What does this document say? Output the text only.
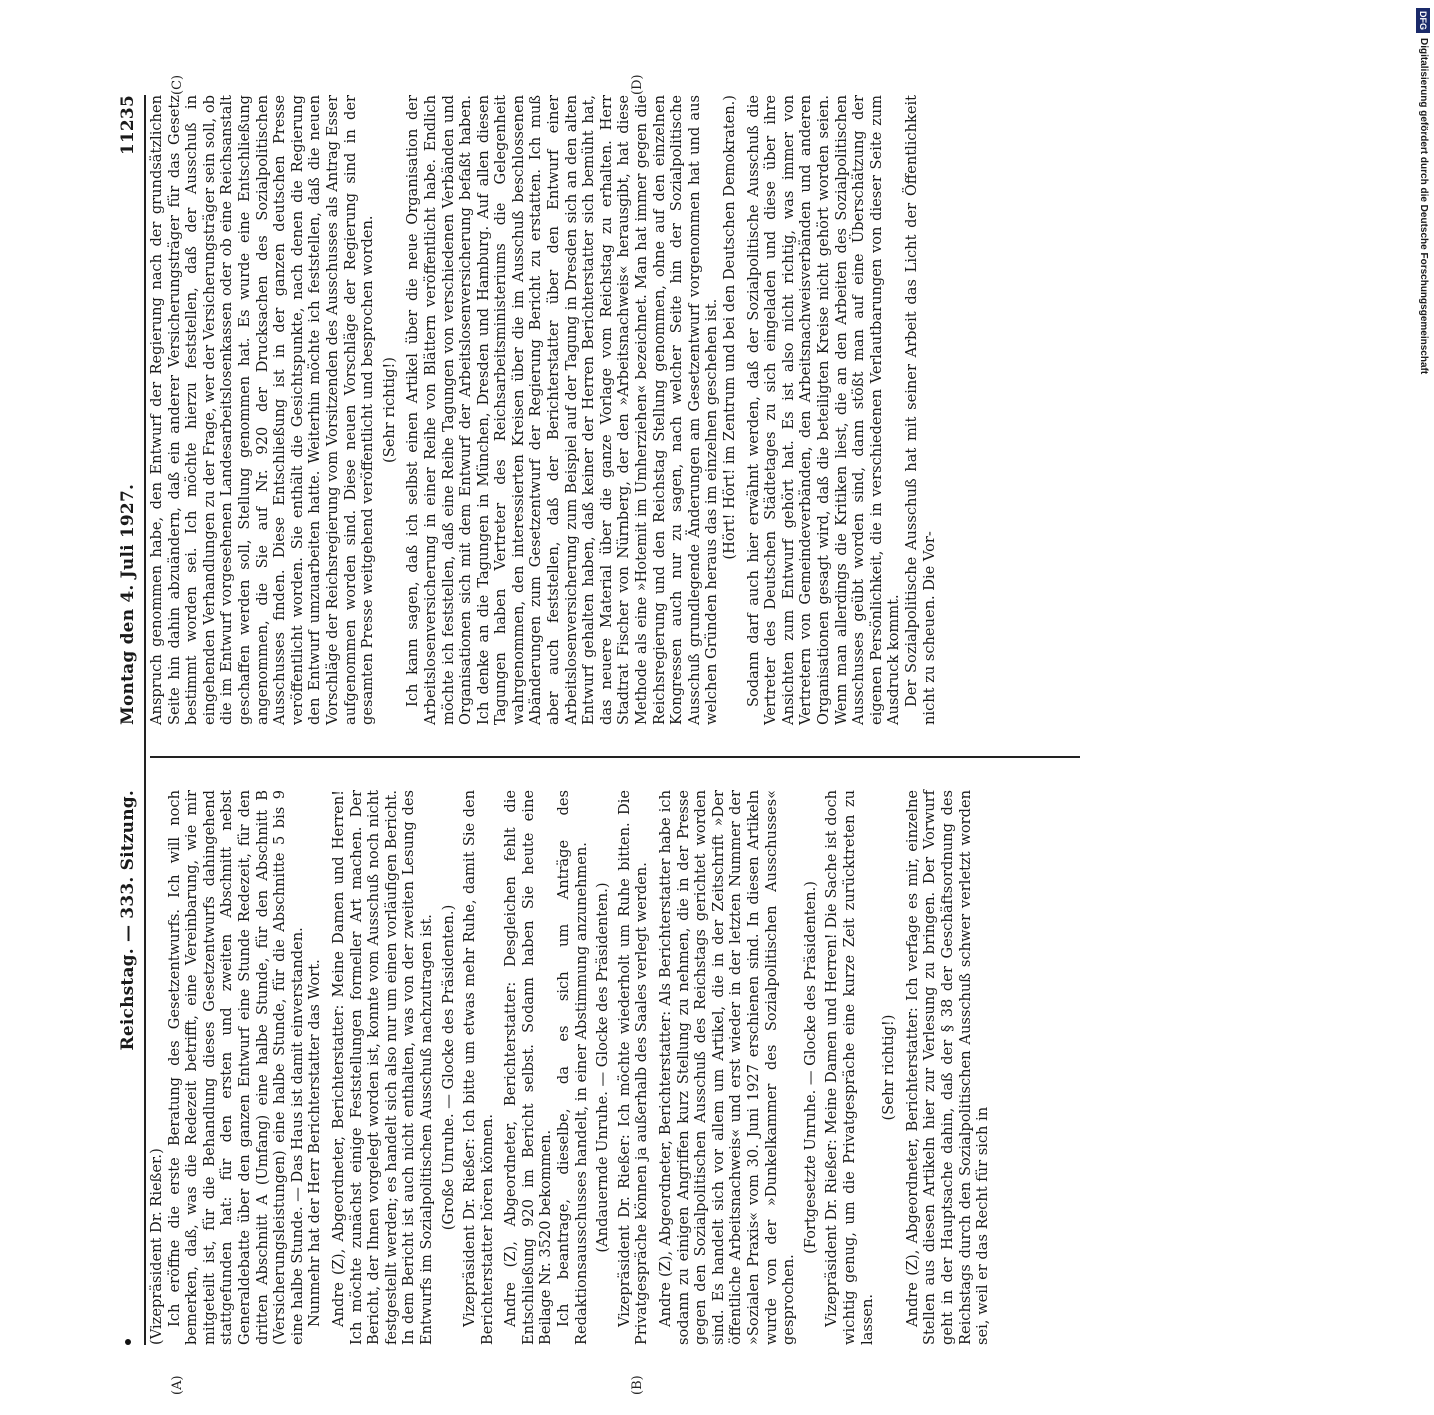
Reichstag. — 333. Sitzung.
Montag den 4. Juli 1927.
11235
(A)	(B)
(C)	(D)

(Vizepräsident Dr. Rießer.) Ich eröffne die erste Beratung des Gesetzentwurfs. Ich will noch bemerken, daß, was die Redezeit betrifft, eine Vereinbarung, wie mir mitgeteilt ist, für die Behandlung dieses Gesetzentwurfs dahingehend stattgefunden hat: für den ersten und zweiten Abschnitt nebst Generaldebatte über den ganzen Entwurf eine Stunde Redezeit, für den dritten Abschnitt A (Umfang) eine halbe Stunde, für den Abschnitt B (Versicherungsleistungen) eine halbe Stunde, für die Abschnitte 5 bis 9 eine halbe Stunde. — Das Haus ist damit einverstanden. Nunmehr hat der Herr Berichterstatter das Wort. Andre (Z), Abgeordneter, Berichterstatter: Meine Damen und Herren! Ich möchte zunächst einige Feststellungen formeller Art machen. Der Bericht, der Ihnen vorgelegt worden ist, konnte vom Ausschuß noch nicht festgestellt werden; es handelt sich also nur um einen vorläufigen Bericht. In dem Bericht ist auch nicht enthalten, was von der zweiten Lesung des Entwurfs im Sozialpolitischen Ausschuß nachzutragen ist. (Große Unruhe. — Glocke des Präsidenten.) Vizepräsident Dr. Rießer: Ich bitte um etwas mehr Ruhe, damit Sie den Berichterstatter hören können. Andre (Z), Abgeordneter, Berichterstatter: Desgleichen fehlt die Entschließung 920 im Bericht selbst. Sodann haben Sie heute eine Beilage Nr. 3520 bekommen. Ich beantrage, dieselbe, da es sich um Anträge des Redaktionsausschusses handelt, in einer Abstimmung anzunehmen. (Andauernde Unruhe. — Glocke des Präsidenten.) Vizepräsident Dr. Rießer: Ich möchte wiederholt um Ruhe bitten. Die Privatgespräche können ja außerhalb des Saales verlegt werden. Andre (Z), Abgeordneter, Berichterstatter: Als Berichterstatter habe ich sodann zu einigen Angriffen kurz Stellung zu nehmen, die in der Presse gegen den Sozialpolitischen Ausschuß des Reichstags gerichtet worden sind. Es handelt sich vor allem um Artikel, die in der Zeitschrift »Der öffentliche Arbeitsnachweis« und erst wieder in der letzten Nummer der »Sozialen Praxis« vom 30. Juni 1927 erschienen sind. In diesen Artikeln wurde von der »Dunkelkammer des Sozialpolitischen Ausschusses« gesprochen.

(Fortgesetzte Unruhe. — Glocke des Präsidenten.) Vizepräsident Dr. Rießer: Meine Damen und Herren! Die Sache ist doch wichtig genug, um die Privatgespräche eine kurze Zeit zurücktreten zu lassen.

(Sehr richtig!) Andre (Z), Abgeordneter, Berichterstatter: Ich verfage es mir, einzelne Stellen aus diesen Artikeln hier zur Verlesung zu bringen. Der Vorwurf geht in der Hauptsache dahin, daß der § 38 der Geschäftsordnung des Reichstags durch den Sozialpolitischen Ausschuß schwer verletzt worden sei, weil er das Recht für sich in

Anspruch genommen habe, den Entwurf der Regierung nach der grundsätzlichen Seite hin dahin abzuändern, daß ein anderer Versicherungsträger für das Gesetz bestimmt worden sei. Ich möchte hierzu feststellen, daß der Ausschuß in eingehenden Verhandlungen zu der Frage, wer der Versicherungsträger sein soll, ob die im Entwurf vorgesehenen Landesarbeitslosenkassen oder ob eine Reichsanstalt geschaffen werden soll, Stellung genommen hat. Es wurde eine Entschließung angenommen, die Sie auf Nr. 920 der Drucksachen des Sozialpolitischen Ausschusses finden. Diese Entschließung ist in der ganzen deutschen Presse veröffentlicht worden. Sie enthält die Gesichtspunkte, nach denen die Regierung den Entwurf umzuarbeiten hatte. Weiterhin möchte ich feststellen, daß die neuen Vorschläge der Reichsregierung vom Vorsitzenden des Ausschusses als Antrag Esser aufgenommen worden sind. Diese neuen Vorschläge der Regierung sind in der gesamten Presse weitgehend veröffentlicht und besprochen worden. (Sehr richtig!) Ich kann sagen, daß ich selbst einen Artikel über die neue Organisation der Arbeitslosenversicherung in einer Reihe von Blättern veröffentlicht habe. Endlich möchte ich feststellen, daß eine Reihe Tagungen von verschiedenen Verbänden und Organisationen sich mit dem Entwurf der Arbeitslosenversicherung befaßt haben. Ich denke an die Tagungen in München, Dresden und Hamburg. Auf allen diesen Tagungen haben Vertreter des Reichsarbeitsministeriums die Gelegenheit wahrgenommen, den interessierten Kreisen über die im Ausschuß beschlossenen Abänderungen zum Gesetzentwurf der Regierung Bericht zu erstatten. Ich muß aber auch feststellen, daß der Berichterstatter über den Entwurf einer Arbeitslosenversicherung zum Beispiel auf der Tagung in Dresden sich an den alten Entwurf gehalten haben, daß keiner der Herren Berichterstatter sich bemüht hat, das neuere Material über die ganze Vorlage vom Reichstag zu erhalten. Herr Stadtrat Fischer von Nürnberg, der den »Arbeitsnachweis« herausgibt, hat diese Methode als eine »Hotemit im Umherziehen« bezeichnet. Man hat immer gegen die Reichsregierung und den Reichstag Stellung genommen, ohne auf den einzelnen Kongressen auch nur zu sagen, nach welcher Seite hin der Sozialpolitische Ausschuß grundlegende Änderungen am Gesetzentwurf vorgenommen hat und aus welchen Gründen heraus das im einzelnen geschehen ist. (Hört! Hört! im Zentrum und bei den Deutschen Demokraten.) Sodann darf auch hier erwähnt werden, daß der Sozialpolitische Ausschuß die Vertreter des Deutschen Städtetages zu sich eingeladen und diese über ihre Ansichten zum Entwurf gehört hat. Es ist also nicht richtig, was immer von Vertretern von Gemeindeverbänden, den Arbeitsnachweisverbänden und anderen Organisationen gesagt wird, daß die beteiligten Kreise nicht gehört worden seien. Wenn man allerdings die Kritiken liest, die an den Arbeiten des Sozialpolitischen Ausschusses geübt worden sind, dann stößt man auf eine Überschätzung der eigenen Persönlichkeit, die in verschiedenen Verlautbarungen von dieser Seite zum Ausdruck kommt. Der Sozialpolitische Ausschuß hat mit seiner Arbeit das Licht der Öffentlichkeit nicht zu scheuen. Die Vor-

DFG
Digitalisierung gefördert durch die Deutsche Forschungsgemeinschaft
